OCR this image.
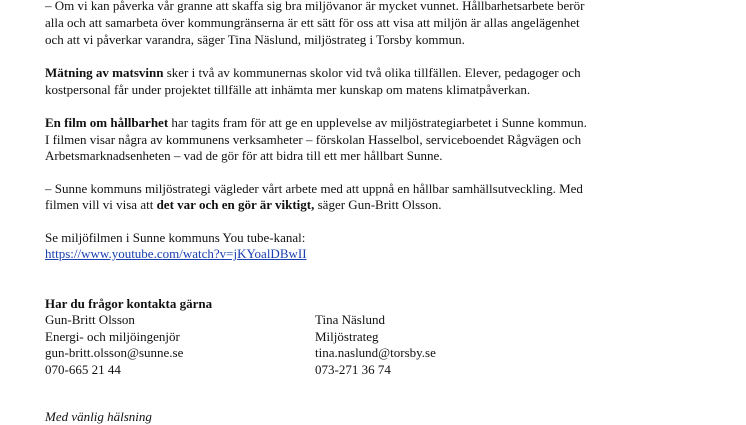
– Om vi kan påverka vår granne att skaffa sig bra miljövanor är mycket vunnet. Hållbarhetsarbete berör
alla och att samarbeta över kommungränserna är ett sätt för oss att visa att miljön är allas angelägenhet
och att vi påverkar varandra, säger Tina Näslund, miljöstrateg i Torsby kommun.
Mätning av matsvinn sker i två av kommunernas skolor vid två olika tillfällen. Elever, pedagoger och
kostpersonal får under projektet tillfälle att inhämta mer kunskap om matens klimatpåverkan.
En film om hållbarhet har tagits fram för att ge en upplevelse av miljöstrategiarbetet i Sunne kommun.
I filmen visar några av kommunens verksamheter – förskolan Hasselbol, serviceboendet Rågvägen och
Arbetsmarknadsenheten – vad de gör för att bidra till ett mer hållbart Sunne.
– Sunne kommuns miljöstrategi vägleder vårt arbete med att uppnå en hållbar samhällsutveckling. Med
filmen vill vi visa att det var och en gör är viktigt, säger Gun-Britt Olsson.
Se miljöfilmen i Sunne kommuns You tube-kanal:
https://www.youtube.com/watch?v=jKYoalDBwII
Har du frågor kontakta gärna
Gun-Britt Olsson
Energi- och miljöingenjör
gun-britt.olsson@sunne.se
070-665 21 44
Tina Näslund
Miljöstrateg
tina.naslund@torsby.se
073-271 36 74
Med vänlig hälsning
